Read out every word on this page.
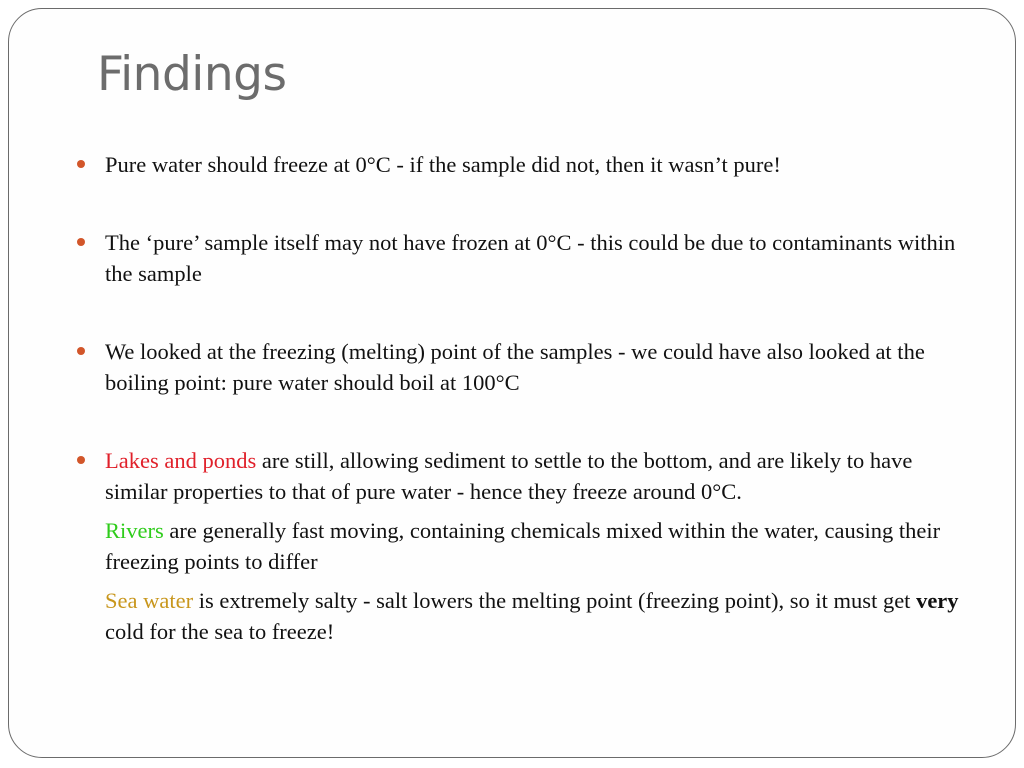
Findings

Pure water should freeze at 0°C - if the sample did not, then it wasn’t pure!

The ‘pure’ sample itself may not have frozen at 0°C - this could be due to contaminants within the sample

We looked at the freezing (melting) point of the samples - we could have also looked at the boiling point: pure water should boil at 100°C

Lakes and ponds are still, allowing sediment to settle to the bottom, and are likely to have similar properties to that of pure water - hence they freeze around 0°C.

Rivers are generally fast moving, containing chemicals mixed within the water, causing their freezing points to differ

Sea water is extremely salty - salt lowers the melting point (freezing point), so it must get very cold for the sea to freeze!
